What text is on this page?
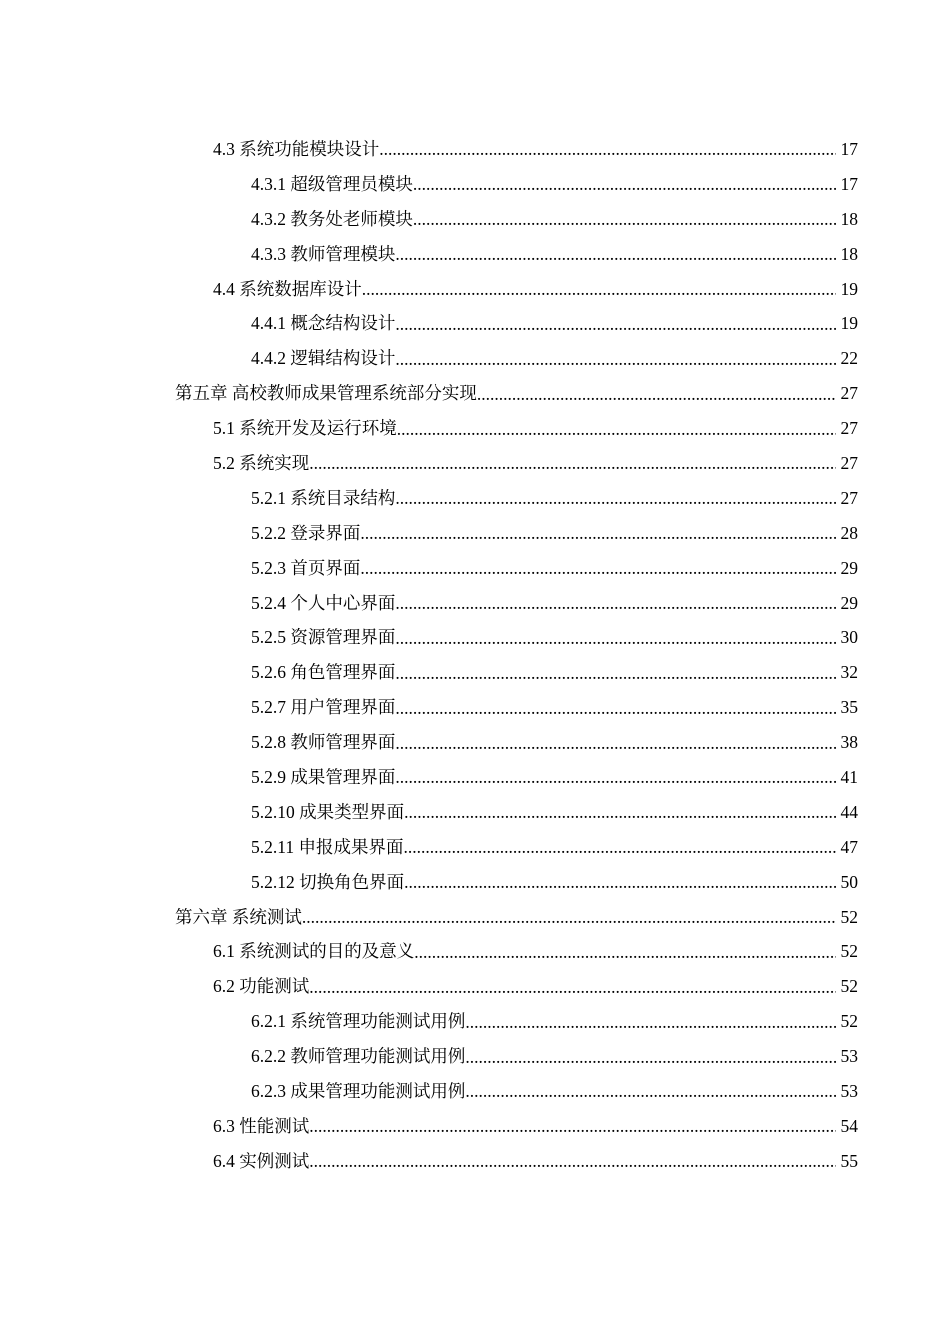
4.3 系统功能模块设计 .....	17
4.3.1 超级管理员模块 .....	17
4.3.2 教务处老师模块 .....	18
4.3.3 教师管理模块 .....	18
4.4 系统数据库设计 .....	19
4.4.1 概念结构设计 .....	19
4.4.2 逻辑结构设计 .....	22
第五章 高校教师成果管理系统部分实现 .....	27
5.1 系统开发及运行环境 .....	27
5.2 系统实现 .....	27
5.2.1 系统目录结构 .....	27
5.2.2 登录界面 .....	28
5.2.3 首页界面 .....	29
5.2.4 个人中心界面 .....	29
5.2.5 资源管理界面 .....	30
5.2.6 角色管理界面 .....	32
5.2.7 用户管理界面 .....	35
5.2.8 教师管理界面 .....	38
5.2.9 成果管理界面 .....	41
5.2.10 成果类型界面 .....	44
5.2.11 申报成果界面 .....	47
5.2.12 切换角色界面 .....	50
第六章 系统测试 .....	52
6.1 系统测试的目的及意义 .....	52
6.2 功能测试 .....	52
6.2.1 系统管理功能测试用例 .....	52
6.2.2 教师管理功能测试用例 .....	53
6.2.3 成果管理功能测试用例 .....	53
6.3 性能测试 .....	54
6.4 实例测试 .....	55
